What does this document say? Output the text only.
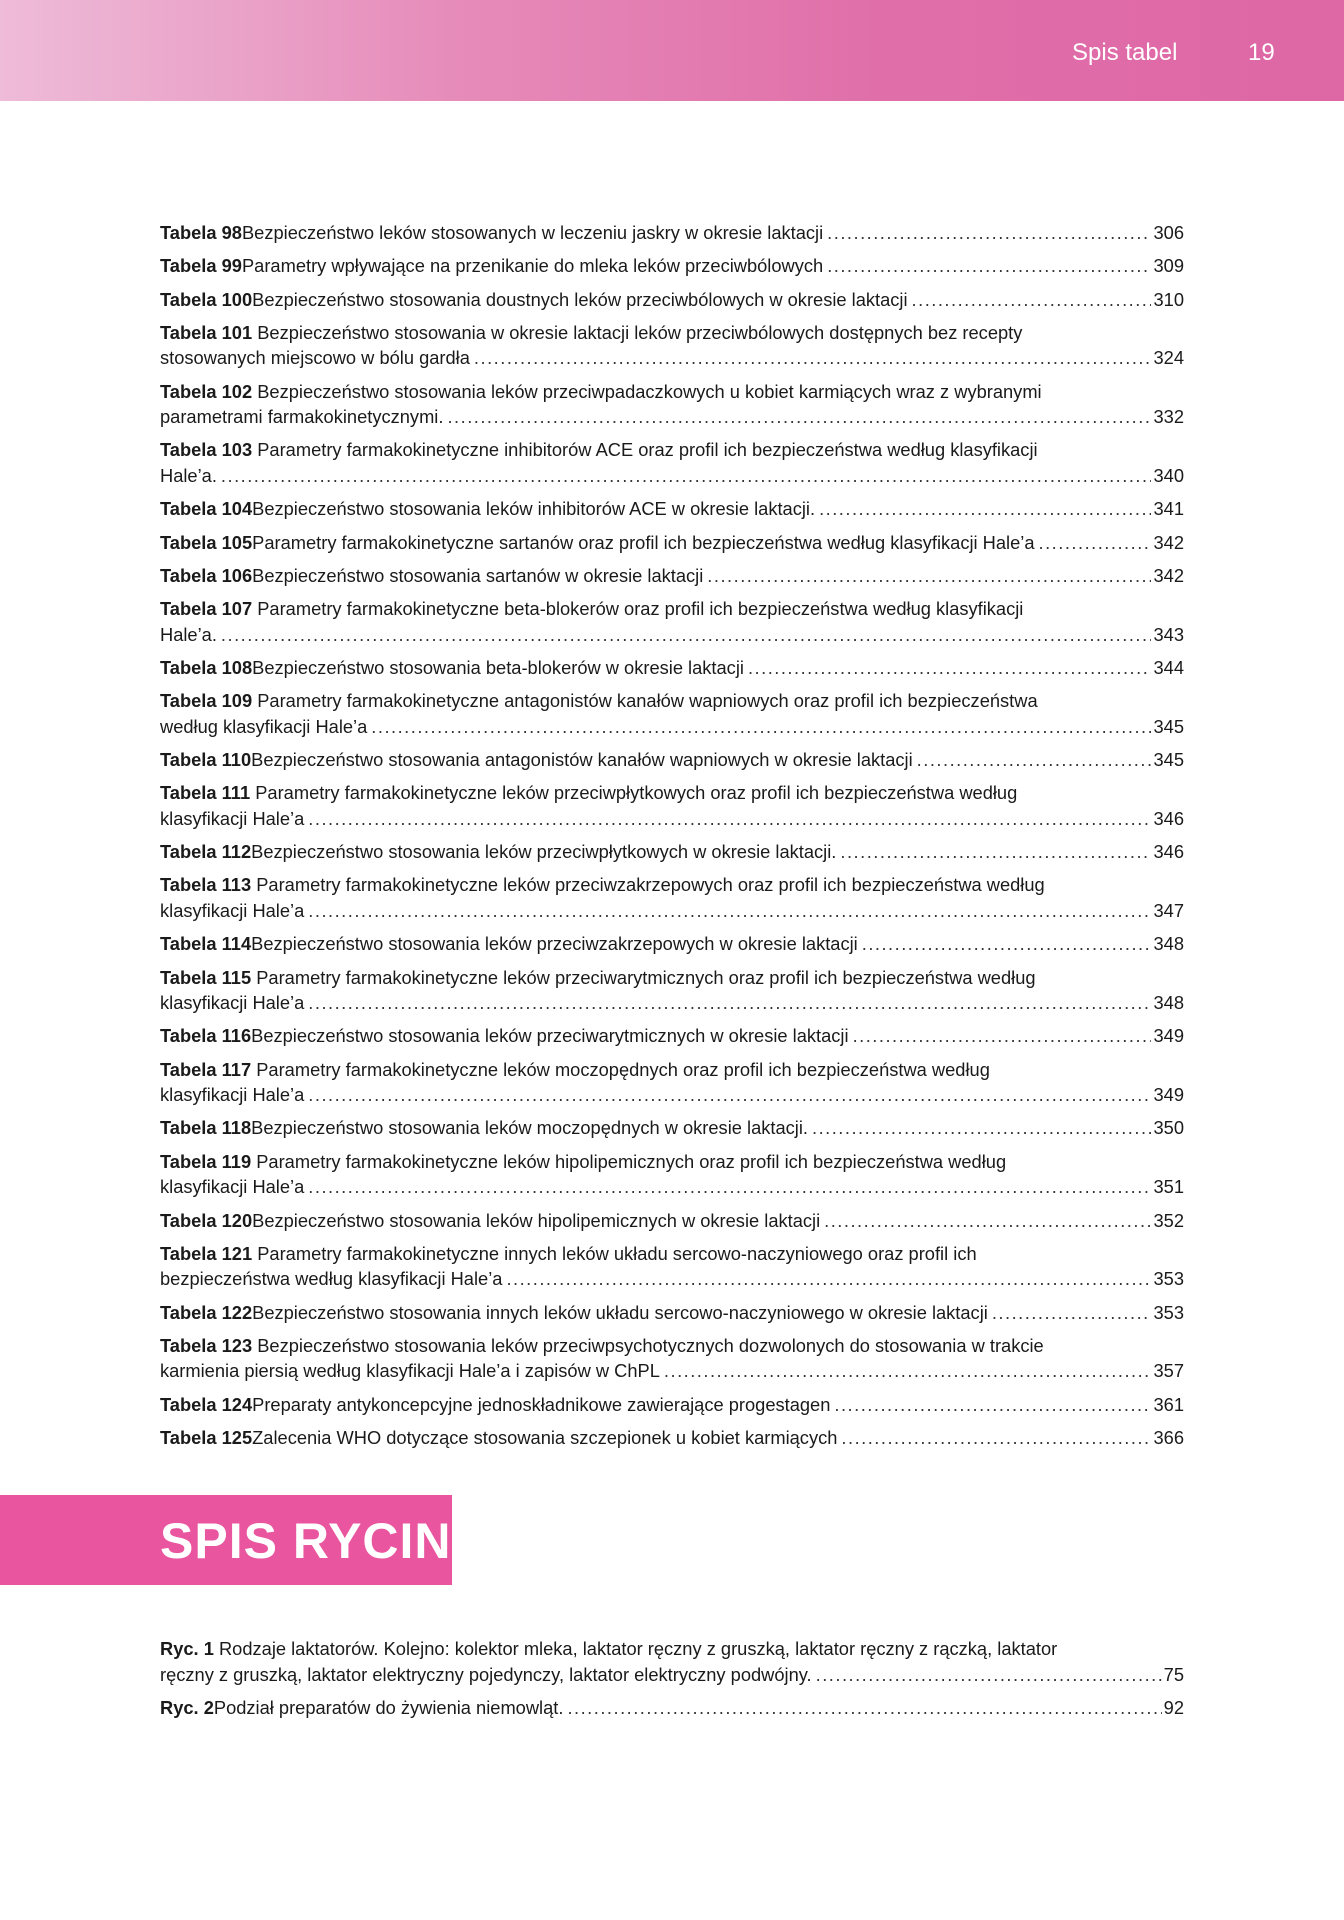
Spis tabel	19
Tabela 98 Bezpieczeństwo leków stosowanych w leczeniu jaskry w okresie laktacji .....	306
Tabela 99 Parametry wpływające na przenikanie do mleka leków przeciwbólowych .....	309
Tabela 100 Bezpieczeństwo stosowania doustnych leków przeciwbólowych w okresie laktacji .....	310
Tabela 101 Bezpieczeństwo stosowania w okresie laktacji leków przeciwbólowych dostępnych bez recepty
stosowanych miejscowo w bólu gardła .....	324
Tabela 102 Bezpieczeństwo stosowania leków przeciwpadaczkowych u kobiet karmiących wraz z wybranymi
parametrami farmakokinetycznymi. .....	332
Tabela 103 Parametry farmakokinetyczne inhibitorów ACE oraz profil ich bezpieczeństwa według klasyfikacji
Hale’a. .....	340
Tabela 104 Bezpieczeństwo stosowania leków inhibitorów ACE w okresie laktacji. .....	341
Tabela 105 Parametry farmakokinetyczne sartanów oraz profil ich bezpieczeństwa według klasyfikacji Hale’a .....	342
Tabela 106 Bezpieczeństwo stosowania sartanów w okresie laktacji .....	342
Tabela 107 Parametry farmakokinetyczne beta-blokerów oraz profil ich bezpieczeństwa według klasyfikacji
Hale’a. .....	343
Tabela 108 Bezpieczeństwo stosowania beta-blokerów w okresie laktacji .....	344
Tabela 109 Parametry farmakokinetyczne antagonistów kanałów wapniowych oraz profil ich bezpieczeństwa
według klasyfikacji Hale’a .....	345
Tabela 110 Bezpieczeństwo stosowania antagonistów kanałów wapniowych w okresie laktacji .....	345
Tabela 111 Parametry farmakokinetyczne leków przeciwpłytkowych oraz profil ich bezpieczeństwa według
klasyfikacji Hale’a .....	346
Tabela 112 Bezpieczeństwo stosowania leków przeciwpłytkowych w okresie laktacji. .....	346
Tabela 113 Parametry farmakokinetyczne leków przeciwzakrzepowych oraz profil ich bezpieczeństwa według
klasyfikacji Hale’a .....	347
Tabela 114 Bezpieczeństwo stosowania leków przeciwzakrzepowych w okresie laktacji .....	348
Tabela 115 Parametry farmakokinetyczne leków przeciwarytmicznych oraz profil ich bezpieczeństwa według
klasyfikacji Hale’a .....	348
Tabela 116 Bezpieczeństwo stosowania leków przeciwarytmicznych w okresie laktacji .....	349
Tabela 117 Parametry farmakokinetyczne leków moczopędnych oraz profil ich bezpieczeństwa według
klasyfikacji Hale’a .....	349
Tabela 118 Bezpieczeństwo stosowania leków moczopędnych w okresie laktacji. .....	350
Tabela 119 Parametry farmakokinetyczne leków hipolipemicznych oraz profil ich bezpieczeństwa według
klasyfikacji Hale’a .....	351
Tabela 120 Bezpieczeństwo stosowania leków hipolipemicznych w okresie laktacji .....	352
Tabela 121 Parametry farmakokinetyczne innych leków układu sercowo-naczyniowego oraz profil ich
bezpieczeństwa według klasyfikacji Hale’a .....	353
Tabela 122 Bezpieczeństwo stosowania innych leków układu sercowo-naczyniowego w okresie laktacji .....	353
Tabela 123 Bezpieczeństwo stosowania leków przeciwpsychotycznych dozwolonych do stosowania w trakcie
karmienia piersią według klasyfikacji Hale’a i zapisów w ChPL .....	357
Tabela 124 Preparaty antykoncepcyjne jednoskładnikowe zawierające progestagen .....	361
Tabela 125 Zalecenia WHO dotyczące stosowania szczepionek u kobiet karmiących .....	366
SPIS RYCIN
Ryc. 1 Rodzaje laktatorów. Kolejno: kolektor mleka, laktator ręczny z gruszką, laktator ręczny z rączką, laktator
ręczny z gruszką, laktator elektryczny pojedynczy, laktator elektryczny podwójny. .....	75
Ryc. 2 Podział preparatów do żywienia niemowląt. .....	92
